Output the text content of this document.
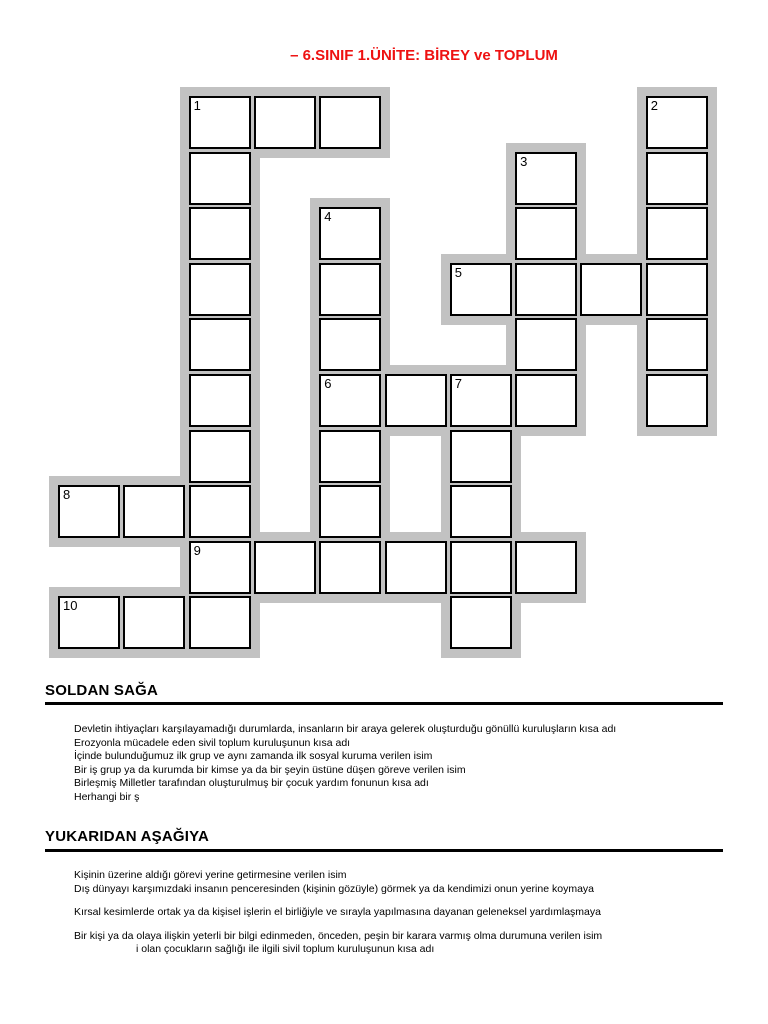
– 6.SINIF 1.ÜNİTE: BİREY ve TOPLUM
1	2
3
4
5
6	7
8
9
10
SOLDAN SAĞA
Devletin ihtiyaçları karşılayamadığı durumlarda, insanların bir araya gelerek oluşturduğu gönüllü kuruluşların kısa adı
Erozyonla mücadele eden sivil toplum kuruluşunun kısa adı
İçinde bulunduğumuz ilk grup ve aynı zamanda ilk sosyal kuruma verilen isim
Bir iş grup ya da kurumda bir kimse ya da bir şeyin üstüne düşen göreve verilen isim
Birleşmiş Milletler tarafından oluşturulmuş bir çocuk yardım fonunun kısa adı
Herhangi bir ş
YUKARIDAN AŞAĞIYA
Kişinin üzerine aldığı görevi yerine getirmesine verilen isim
Dış dünyayı karşımızdaki insanın penceresinden (kişinin gözüyle) görmek ya da kendimizi onun yerine koymaya
Kırsal kesimlerde ortak ya da kişisel işlerin el birliğiyle ve sırayla yapılmasına dayanan geleneksel yardımlaşmaya
Bir kişi ya da olaya ilişkin yeterli bir bilgi edinmeden, önceden, peşin bir karara varmış olma durumuna verilen isim
i olan çocukların sağlığı ile ilgili sivil toplum kuruluşunun kısa adı
